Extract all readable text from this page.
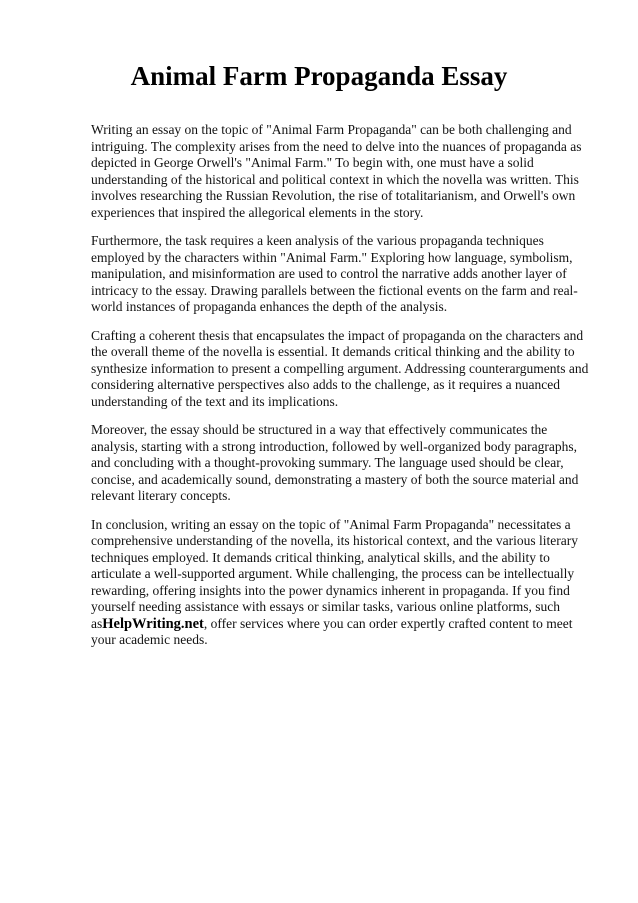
Animal Farm Propaganda Essay

Writing an essay on the topic of "Animal Farm Propaganda" can be both challenging and intriguing. The complexity arises from the need to delve into the nuances of propaganda as depicted in George Orwell's "Animal Farm." To begin with, one must have a solid understanding of the historical and political context in which the novella was written. This involves researching the Russian Revolution, the rise of totalitarianism, and Orwell's own experiences that inspired the allegorical elements in the story.

Furthermore, the task requires a keen analysis of the various propaganda techniques employed by the characters within "Animal Farm." Exploring how language, symbolism, manipulation, and misinformation are used to control the narrative adds another layer of intricacy to the essay. Drawing parallels between the fictional events on the farm and real-world instances of propaganda enhances the depth of the analysis.

Crafting a coherent thesis that encapsulates the impact of propaganda on the characters and the overall theme of the novella is essential. It demands critical thinking and the ability to synthesize information to present a compelling argument. Addressing counterarguments and considering alternative perspectives also adds to the challenge, as it requires a nuanced understanding of the text and its implications.

Moreover, the essay should be structured in a way that effectively communicates the analysis, starting with a strong introduction, followed by well-organized body paragraphs, and concluding with a thought-provoking summary. The language used should be clear, concise, and academically sound, demonstrating a mastery of both the source material and relevant literary concepts.

In conclusion, writing an essay on the topic of "Animal Farm Propaganda" necessitates a comprehensive understanding of the novella, its historical context, and the various literary techniques employed. It demands critical thinking, analytical skills, and the ability to articulate a well-supported argument. While challenging, the process can be intellectually rewarding, offering insights into the power dynamics inherent in propaganda. If you find yourself needing assistance with essays or similar tasks, various online platforms, such asHelpWriting.net, offer services where you can order expertly crafted content to meet your academic needs.
